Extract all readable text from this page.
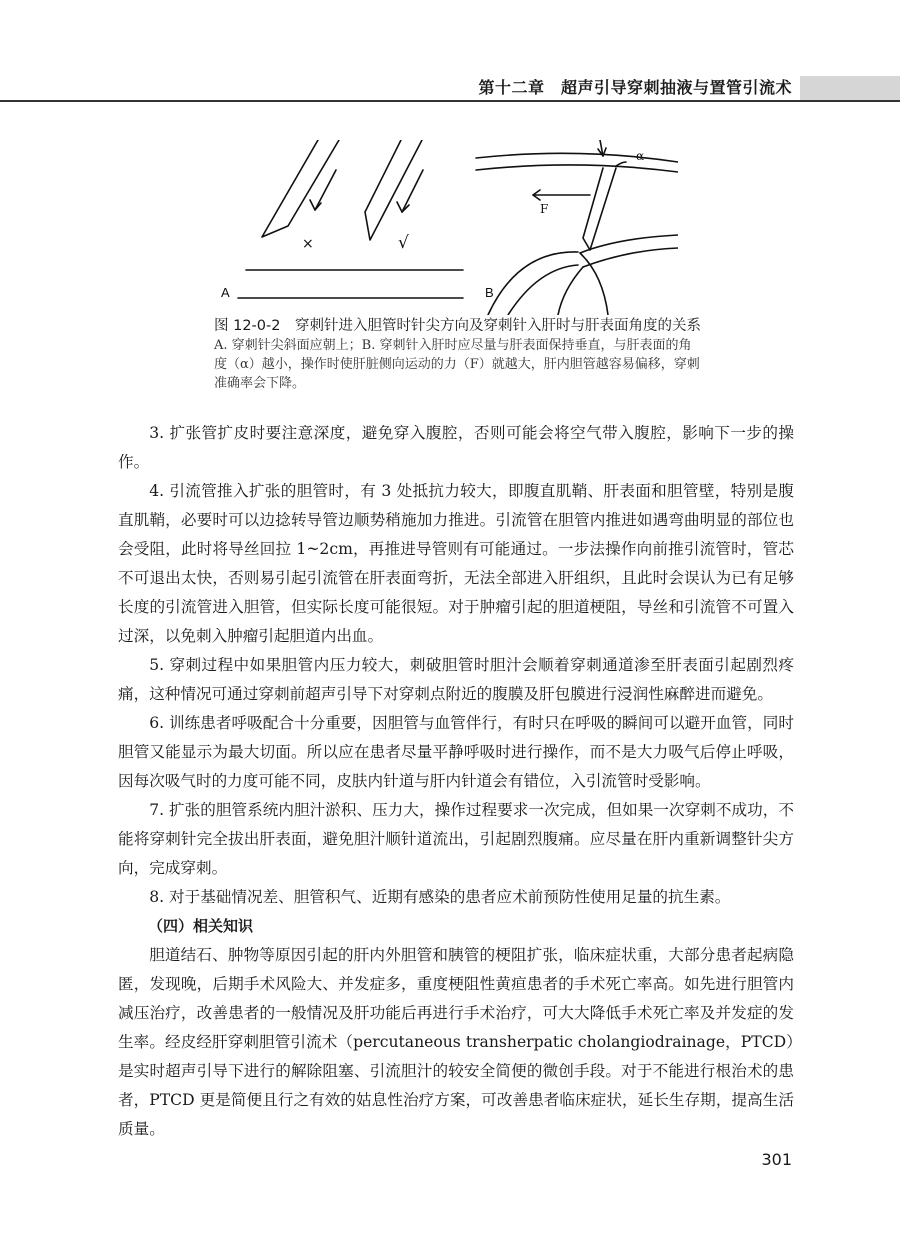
第十二章　超声引导穿刺抽液与置管引流术
A	B
×	√
α
F
图 12-0-2　穿刺针进入胆管时针尖方向及穿刺针入肝时与肝表面角度的关系
A. 穿刺针尖斜面应朝上；B. 穿刺针入肝时应尽量与肝表面保持垂直，与肝表面的角度（α）越小，操作时使肝脏侧向运动的力（F）就越大，肝内胆管越容易偏移，穿刺准确率会下降。

3. 扩张管扩皮时要注意深度，避免穿入腹腔，否则可能会将空气带入腹腔，影响下一步的操作。

4. 引流管推入扩张的胆管时，有 3 处抵抗力较大，即腹直肌鞘、肝表面和胆管壁，特别是腹直肌鞘，必要时可以边捻转导管边顺势稍施加力推进。引流管在胆管内推进如遇弯曲明显的部位也会受阻，此时将导丝回拉 1~2cm，再推进导管则有可能通过。一步法操作向前推引流管时，管芯不可退出太快，否则易引起引流管在肝表面弯折，无法全部进入肝组织，且此时会误认为已有足够长度的引流管进入胆管，但实际长度可能很短。对于肿瘤引起的胆道梗阻，导丝和引流管不可置入过深，以免刺入肿瘤引起胆道内出血。

5. 穿刺过程中如果胆管内压力较大，刺破胆管时胆汁会顺着穿刺通道渗至肝表面引起剧烈疼痛，这种情况可通过穿刺前超声引导下对穿刺点附近的腹膜及肝包膜进行浸润性麻醉进而避免。

6. 训练患者呼吸配合十分重要，因胆管与血管伴行，有时只在呼吸的瞬间可以避开血管，同时胆管又能显示为最大切面。所以应在患者尽量平静呼吸时进行操作，而不是大力吸气后停止呼吸，因每次吸气时的力度可能不同，皮肤内针道与肝内针道会有错位，入引流管时受影响。

7. 扩张的胆管系统内胆汁淤积、压力大，操作过程要求一次完成，但如果一次穿刺不成功，不能将穿刺针完全拔出肝表面，避免胆汁顺针道流出，引起剧烈腹痛。应尽量在肝内重新调整针尖方向，完成穿刺。

8. 对于基础情况差、胆管积气、近期有感染的患者应术前预防性使用足量的抗生素。

（四）相关知识

胆道结石、肿物等原因引起的肝内外胆管和胰管的梗阻扩张，临床症状重，大部分患者起病隐匿，发现晚，后期手术风险大、并发症多，重度梗阻性黄疸患者的手术死亡率高。如先进行胆管内减压治疗，改善患者的一般情况及肝功能后再进行手术治疗，可大大降低手术死亡率及并发症的发生率。经皮经肝穿刺胆管引流术（percutaneous transherpatic cholangiodrainage，PTCD）是实时超声引导下进行的解除阻塞、引流胆汁的较安全简便的微创手段。对于不能进行根治术的患者，PTCD 更是简便且行之有效的姑息性治疗方案，可改善患者临床症状，延长生存期，提高生活质量。

301
